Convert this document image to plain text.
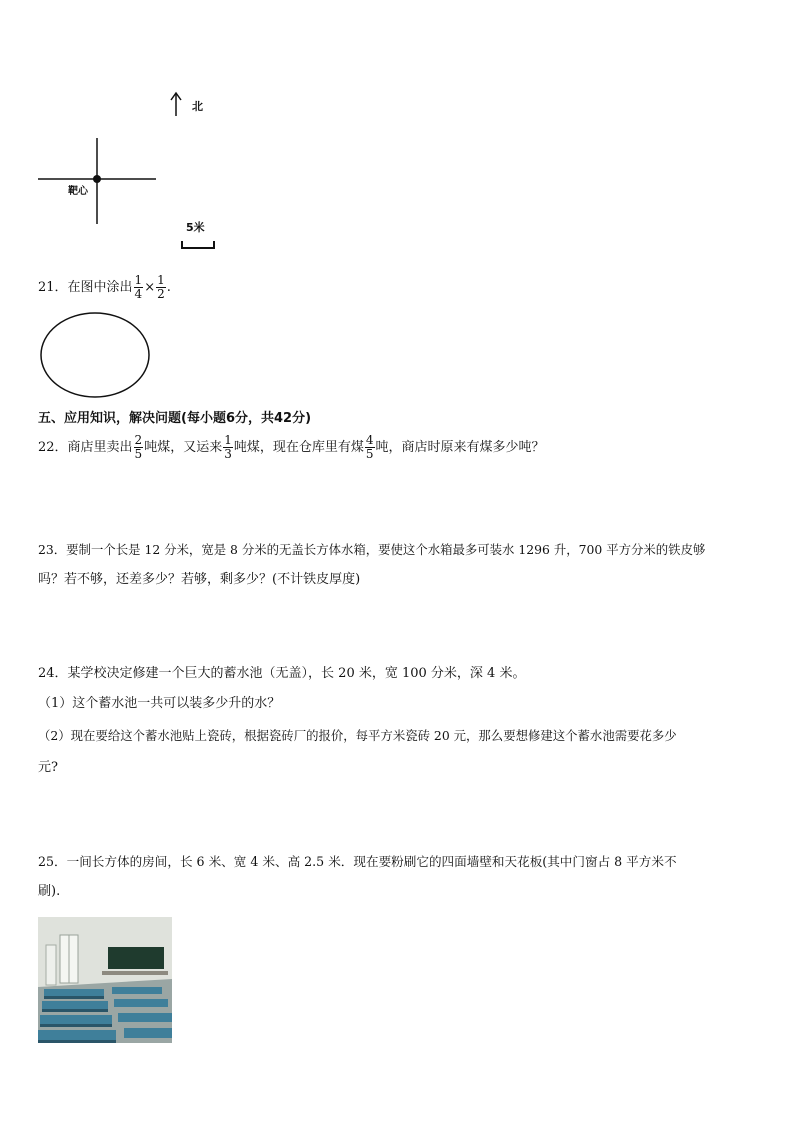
北
靶心
5米
21．在图中涂出 $\frac{1}{4} \times \frac{1}{2}$ .
五、应用知识，解决问题(每小题6分，共42分)
22．商店里卖出 $\frac{2}{5}$ 吨煤，又运来 $\frac{1}{3}$ 吨煤，现在仓库里有煤 $\frac{4}{5}$ 吨，商店时原来有煤多少吨？
23．要制一个长是 12 分米，宽是 8 分米的无盖长方体水箱，要使这个水箱最多可装水 1296 升，700 平方分米的铁皮够
吗？若不够，还差多少？若够，剩多少？(不计铁皮厚度)
24．某学校决定修建一个巨大的蓄水池（无盖），长 20 米，宽 100 分米，深 4 米。
（1）这个蓄水池一共可以装多少升的水？
（2）现在要给这个蓄水池贴上瓷砖，根据瓷砖厂的报价，每平方米瓷砖 20 元，那么要想修建这个蓄水池需要花多少
元?
25．一间长方体的房间，长 6 米、宽 4 米、高 2.5 米．现在要粉刷它的四面墙壁和天花板(其中门窗占 8 平方米不
刷).
